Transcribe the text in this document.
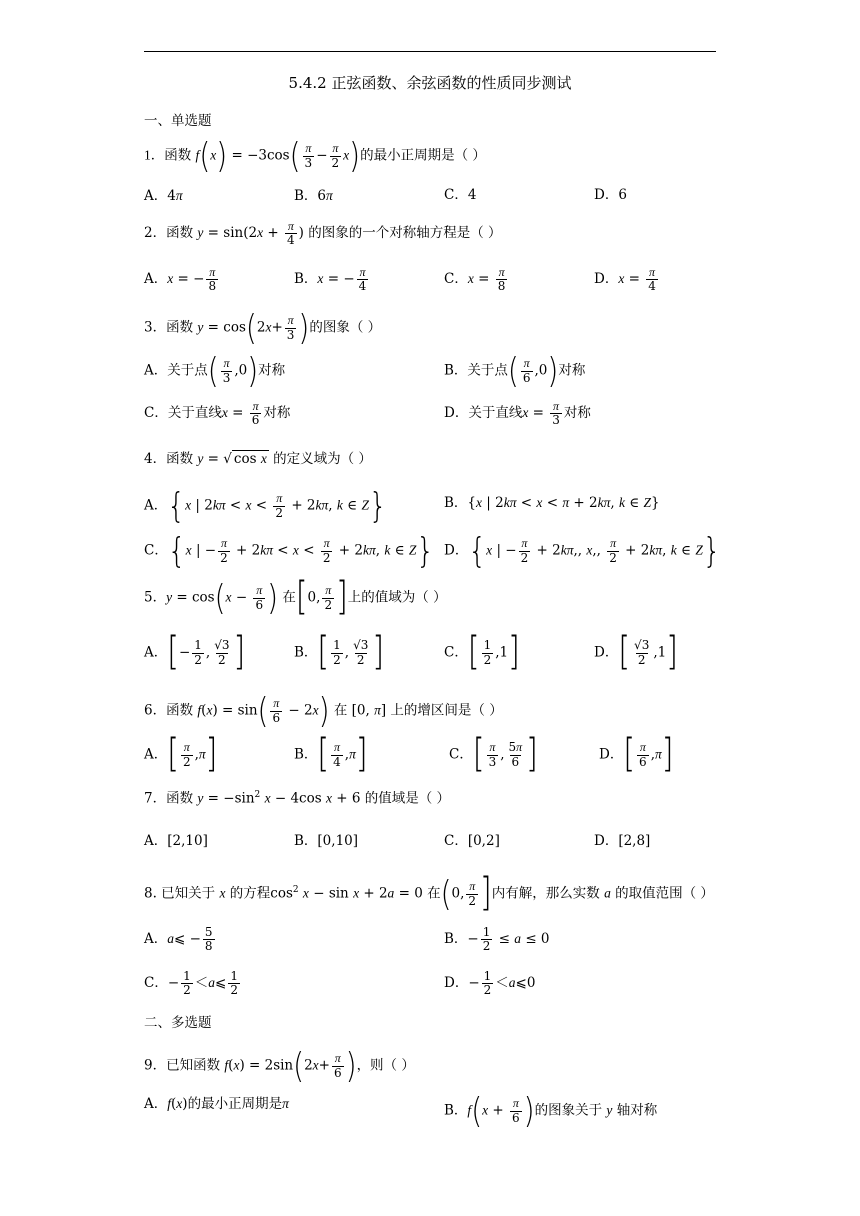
5.4.2 正弦函数、余弦函数的性质同步测试
一、单选题
1．函数 $f(x) = -3\cos( \frac{\pi}{3} - \frac{\pi}{2} x)$的最小正周期是（ ）
A．4π	B．6π	C．4	D．6
2．函数 $y = \sin(2x + \frac{\pi}{4}$ ) 的图象的一个对称轴方程是（ ）
A．x = − $\frac{\pi}{8}$	B．x = − $\frac{\pi}{4}$	C．$x = \frac{\pi}{8}$	D．$x = \frac{\pi}{4}$
3．函数 $y = \cos(2x+ \frac{\pi}{3}$ )的图象（ ）
A．关于点( $\frac{\pi}{3} ,0$)对称	B．关于点( $\frac{\pi}{6} ,0$)对称
C．关于直线$x = \frac{\pi}{6}$ 对称	D．关于直线$x = \frac{\pi}{3}$ 对称
4．函数 y = √ cos x 的定义域为（ ）
A．{x | $2k\pi < x < \frac{\pi}{2} + 2k\pi$, k ∈ Z}	B．{x | 2kπ < x < π + 2kπ, k ∈ Z}
C．{x | − $\frac{\pi}{2} + 2k\pi < x < \frac{\pi}{2} + 2k\pi$, k ∈ Z} D．{x | − $\frac{\pi}{2} + 2k\pi$,, x,, $\frac{\pi}{2} + 2k\pi$, k ∈ Z}
5．$y = \cos(x - \frac{\pi}{6}$ ) 在[0, $\frac{\pi}{2}$ ]上的值域为（ ）
A．[− $\frac{1}{2}$ , $\frac{√3}{2}$ ]	B．[ $\frac{1}{2}$ , $\frac{√3}{2}$ ]	C．[ $\frac{1}{2} ,1$]	D．[ $\frac{√3}{2} ,1$]
6．函数 $f(x) = \sin( \frac{\pi}{6} - 2x)$ 在 [0, π] 上的增区间是（ ）
A．[ $\frac{\pi}{2} ,\pi$]	B．[ $\frac{\pi}{4} ,\pi$]	C．[ $\frac{\pi}{3}$ , $\frac{5\pi}{6}$ ]	D．[ $\frac{\pi}{6} ,\pi$]
7．函数 $y = -\sin^2$ x − 4cos x + 6 的值域是（ ）
A．[2,10]	B．[0,10]	C．[0,2]	D．[2,8]
8. 已知关于 x 的方程$\cos^2 x - \sin x + 2a = 0$ 在(0, $\frac{\pi}{2}$ ]内有解，那么实数 a 的取值范围（ ）
A．a⩽ − $\frac{5}{8}$	B．− $\frac{1}{2} \le a \le 0$
C．− $\frac{1}{2}$ ＜a⩽ $\frac{1}{2}$	D．− $\frac{1}{2}$ ＜a⩽0
二、多选题
9．已知函数 $f(x) = 2\sin(2x+ \frac{\pi}{6}$ )，则（ ）
A．f(x)的最小正周期是π	B．$f(x + \frac{\pi}{6}$ )的图象关于 y 轴对称
